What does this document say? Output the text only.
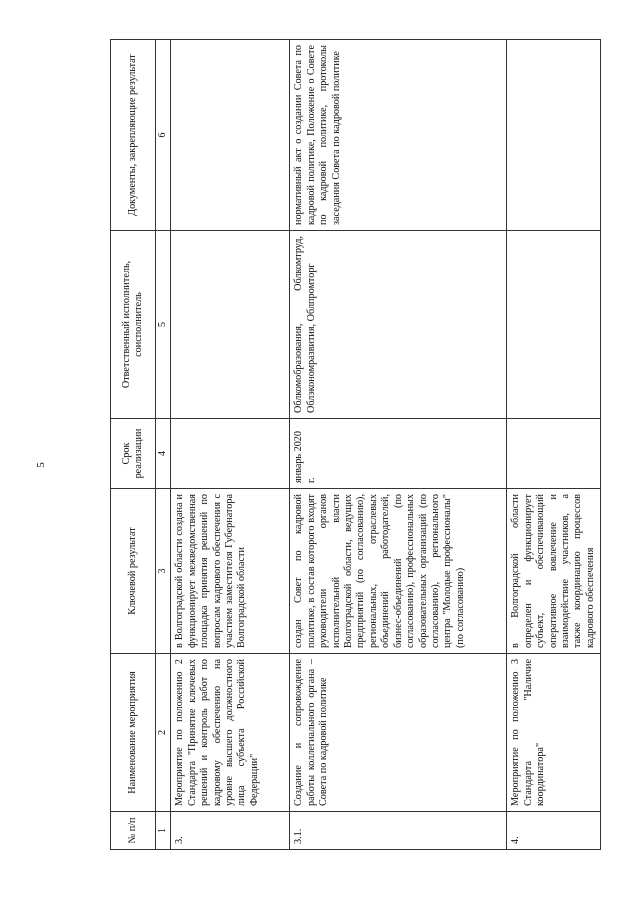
5
№ п/п	Наименование мероприятия	Ключевой результат	Срок реализации	Ответственный исполнитель, соисполнитель	Документы, закрепляющие результат
1	2	3	4	5	6
3.	Мероприятие по положению 2 Стандарта "Принятие ключевых решений и контроль работ по кадровому обеспечению на уровне высшего должностного лица субъекта Российской Федерации"	в Волгоградской области создана и функционирует межведомственная площадка принятия решений по вопросам кадрового обеспечения с участием заместителя Губернатора Волгоградской области			
3.1.	Создание и сопровождение работы коллегиального органа – Совета по кадровой политике	создан Совет по кадровой политике, в состав которого входят руководители органов исполнительной власти Волгоградской области, ведущих предприятий (по согласованию), региональных, отраслевых объединений работодателей, бизнес-объединений (по согласованию), профессиональных образовательных организаций (по согласованию), регионального центра "Молодые профессионалы" (по согласованию)	январь 2020 г.	Облкомобразования, Облкомтруд, Облэкономразвития, Облпромторг	нормативный акт о создании Совета по кадровой политике, Положение о Совете по кадровой политике, протоколы заседания Совета по кадровой политике
4.	Мероприятие по положению 3 Стандарта "Наличие координатора"	в Волгоградской области определен и функционирует субъект, обеспечивающий оперативное вовлечение и взаимодействие участников, а также координацию процессов кадрового обеспечения			
